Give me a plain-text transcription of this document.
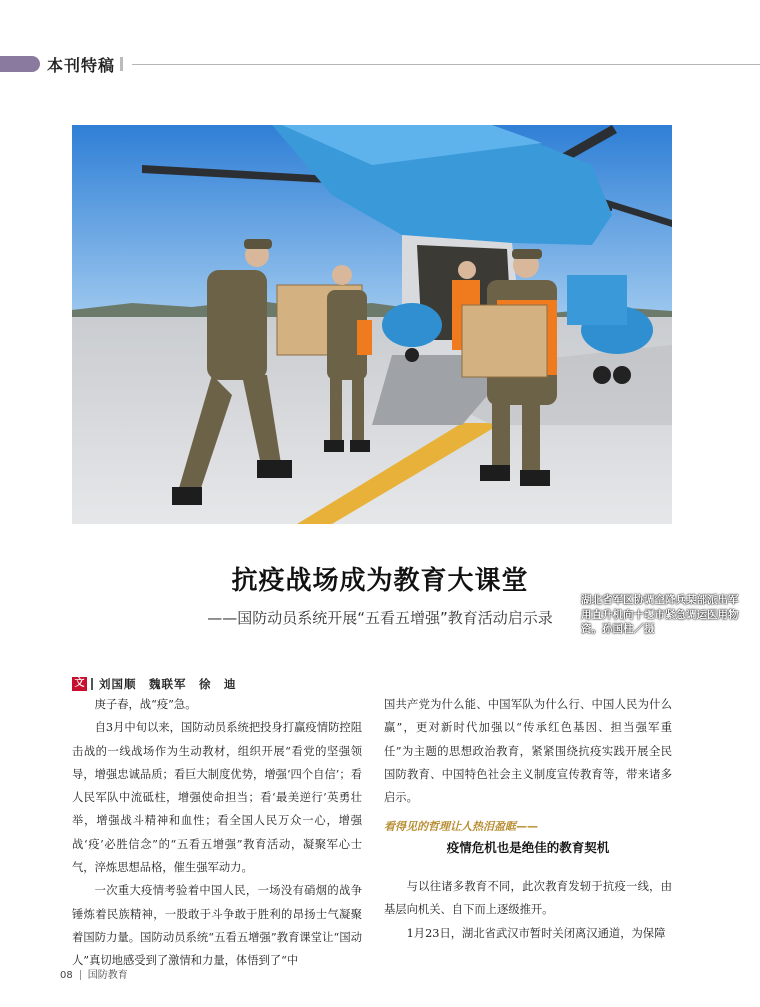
本刊特稿
湖北省军区协调空降兵某部派出军用直升机向十堰市紧急调运医用物资。孙国柱／摄
抗疫战场成为教育大课堂
——国防动员系统开展“五看五增强”教育活动启示录
文 刘国顺　魏联军　徐　迪

庚子春，战“疫”急。

自3月中旬以来，国防动员系统把投身打赢疫情防控阻击战的一线战场作为生动教材，组织开展“看党的坚强领导，增强忠诚品质；看巨大制度优势，增强‘四个自信’；看人民军队中流砥柱，增强使命担当；看‘最美逆行’英勇壮举，增强战斗精神和血性；看全国人民万众一心，增强战‘疫’必胜信念”的“五看五增强”教育活动，凝聚军心士气，淬炼思想品格，催生强军动力。

一次重大疫情考验着中国人民，一场没有硝烟的战争锤炼着民族精神，一股敢于斗争敢于胜利的昂扬士气凝聚着国防力量。国防动员系统“五看五增强”教育课堂让“国动人”真切地感受到了激情和力量，体悟到了“中

国共产党为什么能、中国军队为什么行、中国人民为什么赢”，更对新时代加强以“传承红色基因、担当强军重任”为主题的思想政治教育，紧紧围绕抗疫实践开展全民国防教育、中国特色社会主义制度宣传教育等，带来诸多启示。

看得见的哲理让人热泪盈眶——
疫情危机也是绝佳的教育契机

与以往诸多教育不同，此次教育发轫于抗疫一线，由基层向机关、自下而上逐级推开。

1月23日，湖北省武汉市暂时关闭离汉通道，为保障

08 国防教育
